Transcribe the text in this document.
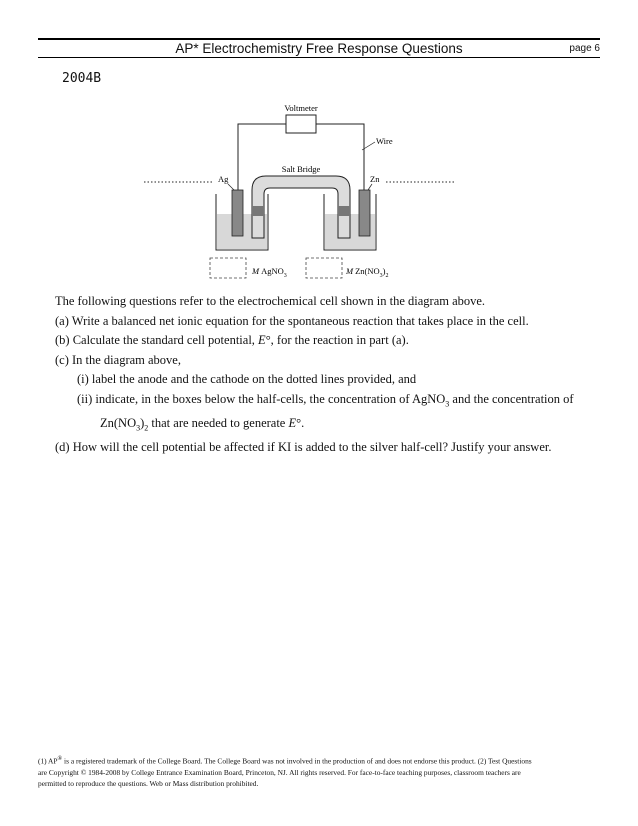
AP* Electrochemistry Free Response Questions	page 6
2004B
Voltmeter
Wire
Salt Bridge
Ag	Zn
M AgNO$_3$	M $Zn(NO_3)_2$
The following questions refer to the electrochemical cell shown in the diagram above.
(a) Write a balanced net ionic equation for the spontaneous reaction that takes place in the cell.
(b) Calculate the standard cell potential, E°, for the reaction in part (a).
(c) In the diagram above,
(i) label the anode and the cathode on the dotted lines provided, and
(ii) indicate, in the boxes below the half-cells, the concentration of AgNO$_3$ and the concentration of
$Zn(NO_3)_2$ that are needed to generate E°.
(d) How will the cell potential be affected if KI is added to the silver half-cell? Justify your answer.
(1) AP® is a registered trademark of the College Board. The College Board was not involved in the production of and does not endorse this product. (2) Test Questions
are Copyright © 1984-2008 by College Entrance Examination Board, Princeton, NJ. All rights reserved. For face-to-face teaching purposes, classroom teachers are
permitted to reproduce the questions. Web or Mass distribution prohibited.
